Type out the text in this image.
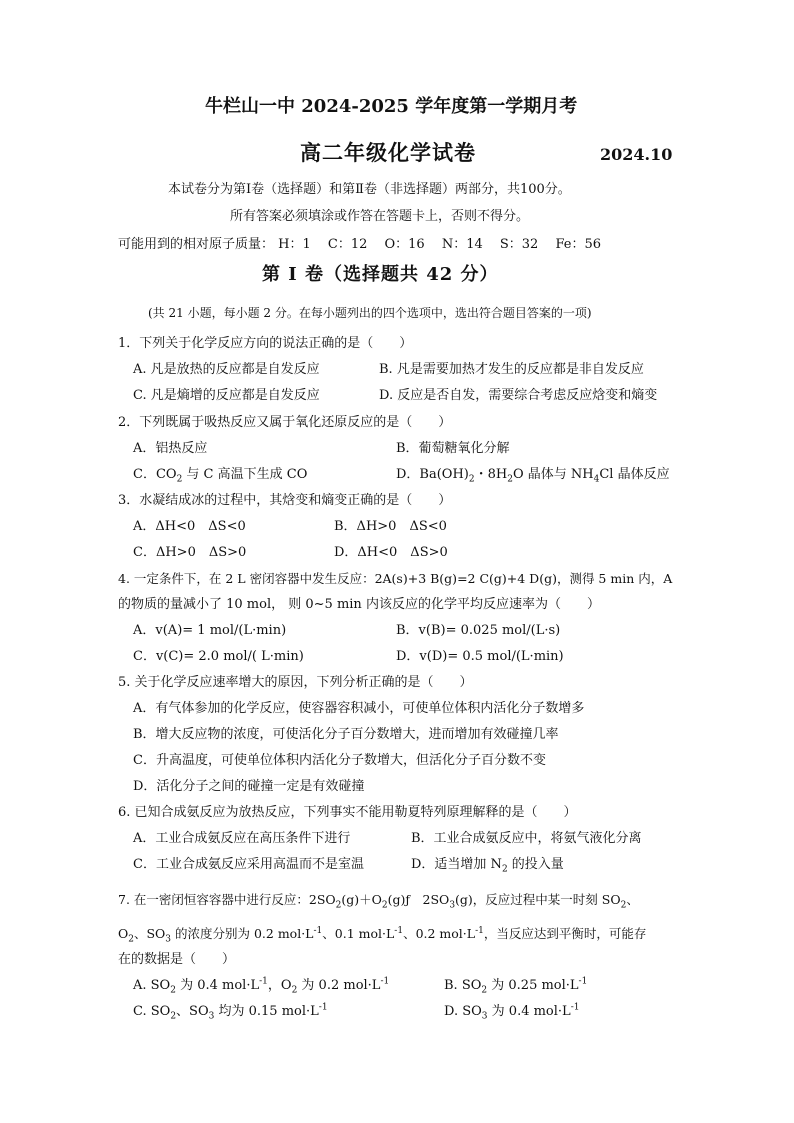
牛栏山一中 2024-2025 学年度第一学期月考
高二年级化学试卷	2024.10
本试卷分为第Ⅰ卷（选择题）和第Ⅱ卷（非选择题）两部分，共100分。
所有答案必须填涂或作答在答题卡上，否则不得分。
可能用到的相对原子质量： H：1　 C：12　 O：16　 N：14　 S：32　 Fe：56
第 Ⅰ 卷（选择题共 42 分）
(共 21 小题，每小题 2 分。在每小题列出的四个选项中，选出符合题目答案的一项)
1．下列关于化学反应方向的说法正确的是（　　）
A. 凡是放热的反应都是自发反应	B. 凡是需要加热才发生的反应都是非自发反应
C. 凡是熵增的反应都是自发反应	D. 反应是否自发，需要综合考虑反应焓变和熵变
2．下列既属于吸热反应又属于氧化还原反应的是（　　）
A．铝热反应	B．葡萄糖氧化分解
C．$CO_2$ 与 C 高温下生成 CO	D．$Ba(OH)_2$・$8H_2O$ 晶体与 $NH_4Cl$ 晶体反应
3．水凝结成冰的过程中，其焓变和熵变正确的是（　　）
A．ΔH<0　ΔS<0	B．ΔH>0　ΔS<0
C．ΔH>0　ΔS>0	D．ΔH<0　ΔS>0
4. 一定条件下，在 2 L 密闭容器中发生反应：2A(s)+3 B(g)=2 C(g)+4 D(g)，测得 5 min 内，A
的物质的量减小了 10 mol， 则 0~5 min 内该反应的化学平均反应速率为（　　）
A．v(A)= 1 mol/(L·min)	B．v(B)= 0.025 mol/(L·s)
C．v(C)= 2.0 mol/( L·min)	D．v(D)= 0.5 mol/(L·min)
5. 关于化学反应速率增大的原因，下列分析正确的是（　　）
A．有气体参加的化学反应，使容器容积减小，可使单位体积内活化分子数增多
B．增大反应物的浓度，可使活化分子百分数增大，进而增加有效碰撞几率
C．升高温度，可使单位体积内活化分子数增大，但活化分子百分数不变
D．活化分子之间的碰撞一定是有效碰撞
6. 已知合成氨反应为放热反应，下列事实不能用勒夏特列原理解释的是（　　）
A．工业合成氨反应在高压条件下进行	B．工业合成氨反应中，将氨气液化分离
C．工业合成氨反应采用高温而不是室温	D．适当增加 $N_2$ 的投入量
7. 在一密闭恒容容器中进行反应：$2SO_2(g)+O_2(g)ƒ$　$2SO_3(g)$，反应过程中某一时刻 $SO_2$、
$O_2$、$SO_3$ 的浓度分别为 0.2 $mol\cdot L^{-1}$、0.1 $mol\cdot L^{-1}$、0.2 $mol\cdot L^{-1}$，当反应达到平衡时，可能存
在的数据是（　　）
A. $SO_2$ 为 0.4 $mol\cdot L^{-1}$，$O_2$ 为 0.2 $mol\cdot L^{-1}$	B. $SO_2$ 为 0.25 $mol\cdot L^{-1}$
C. $SO_2$、$SO_3$ 均为 0.15 $mol\cdot L^{-1}$	D. $SO_3$ 为 0.4 $mol\cdot L^{-1}$
